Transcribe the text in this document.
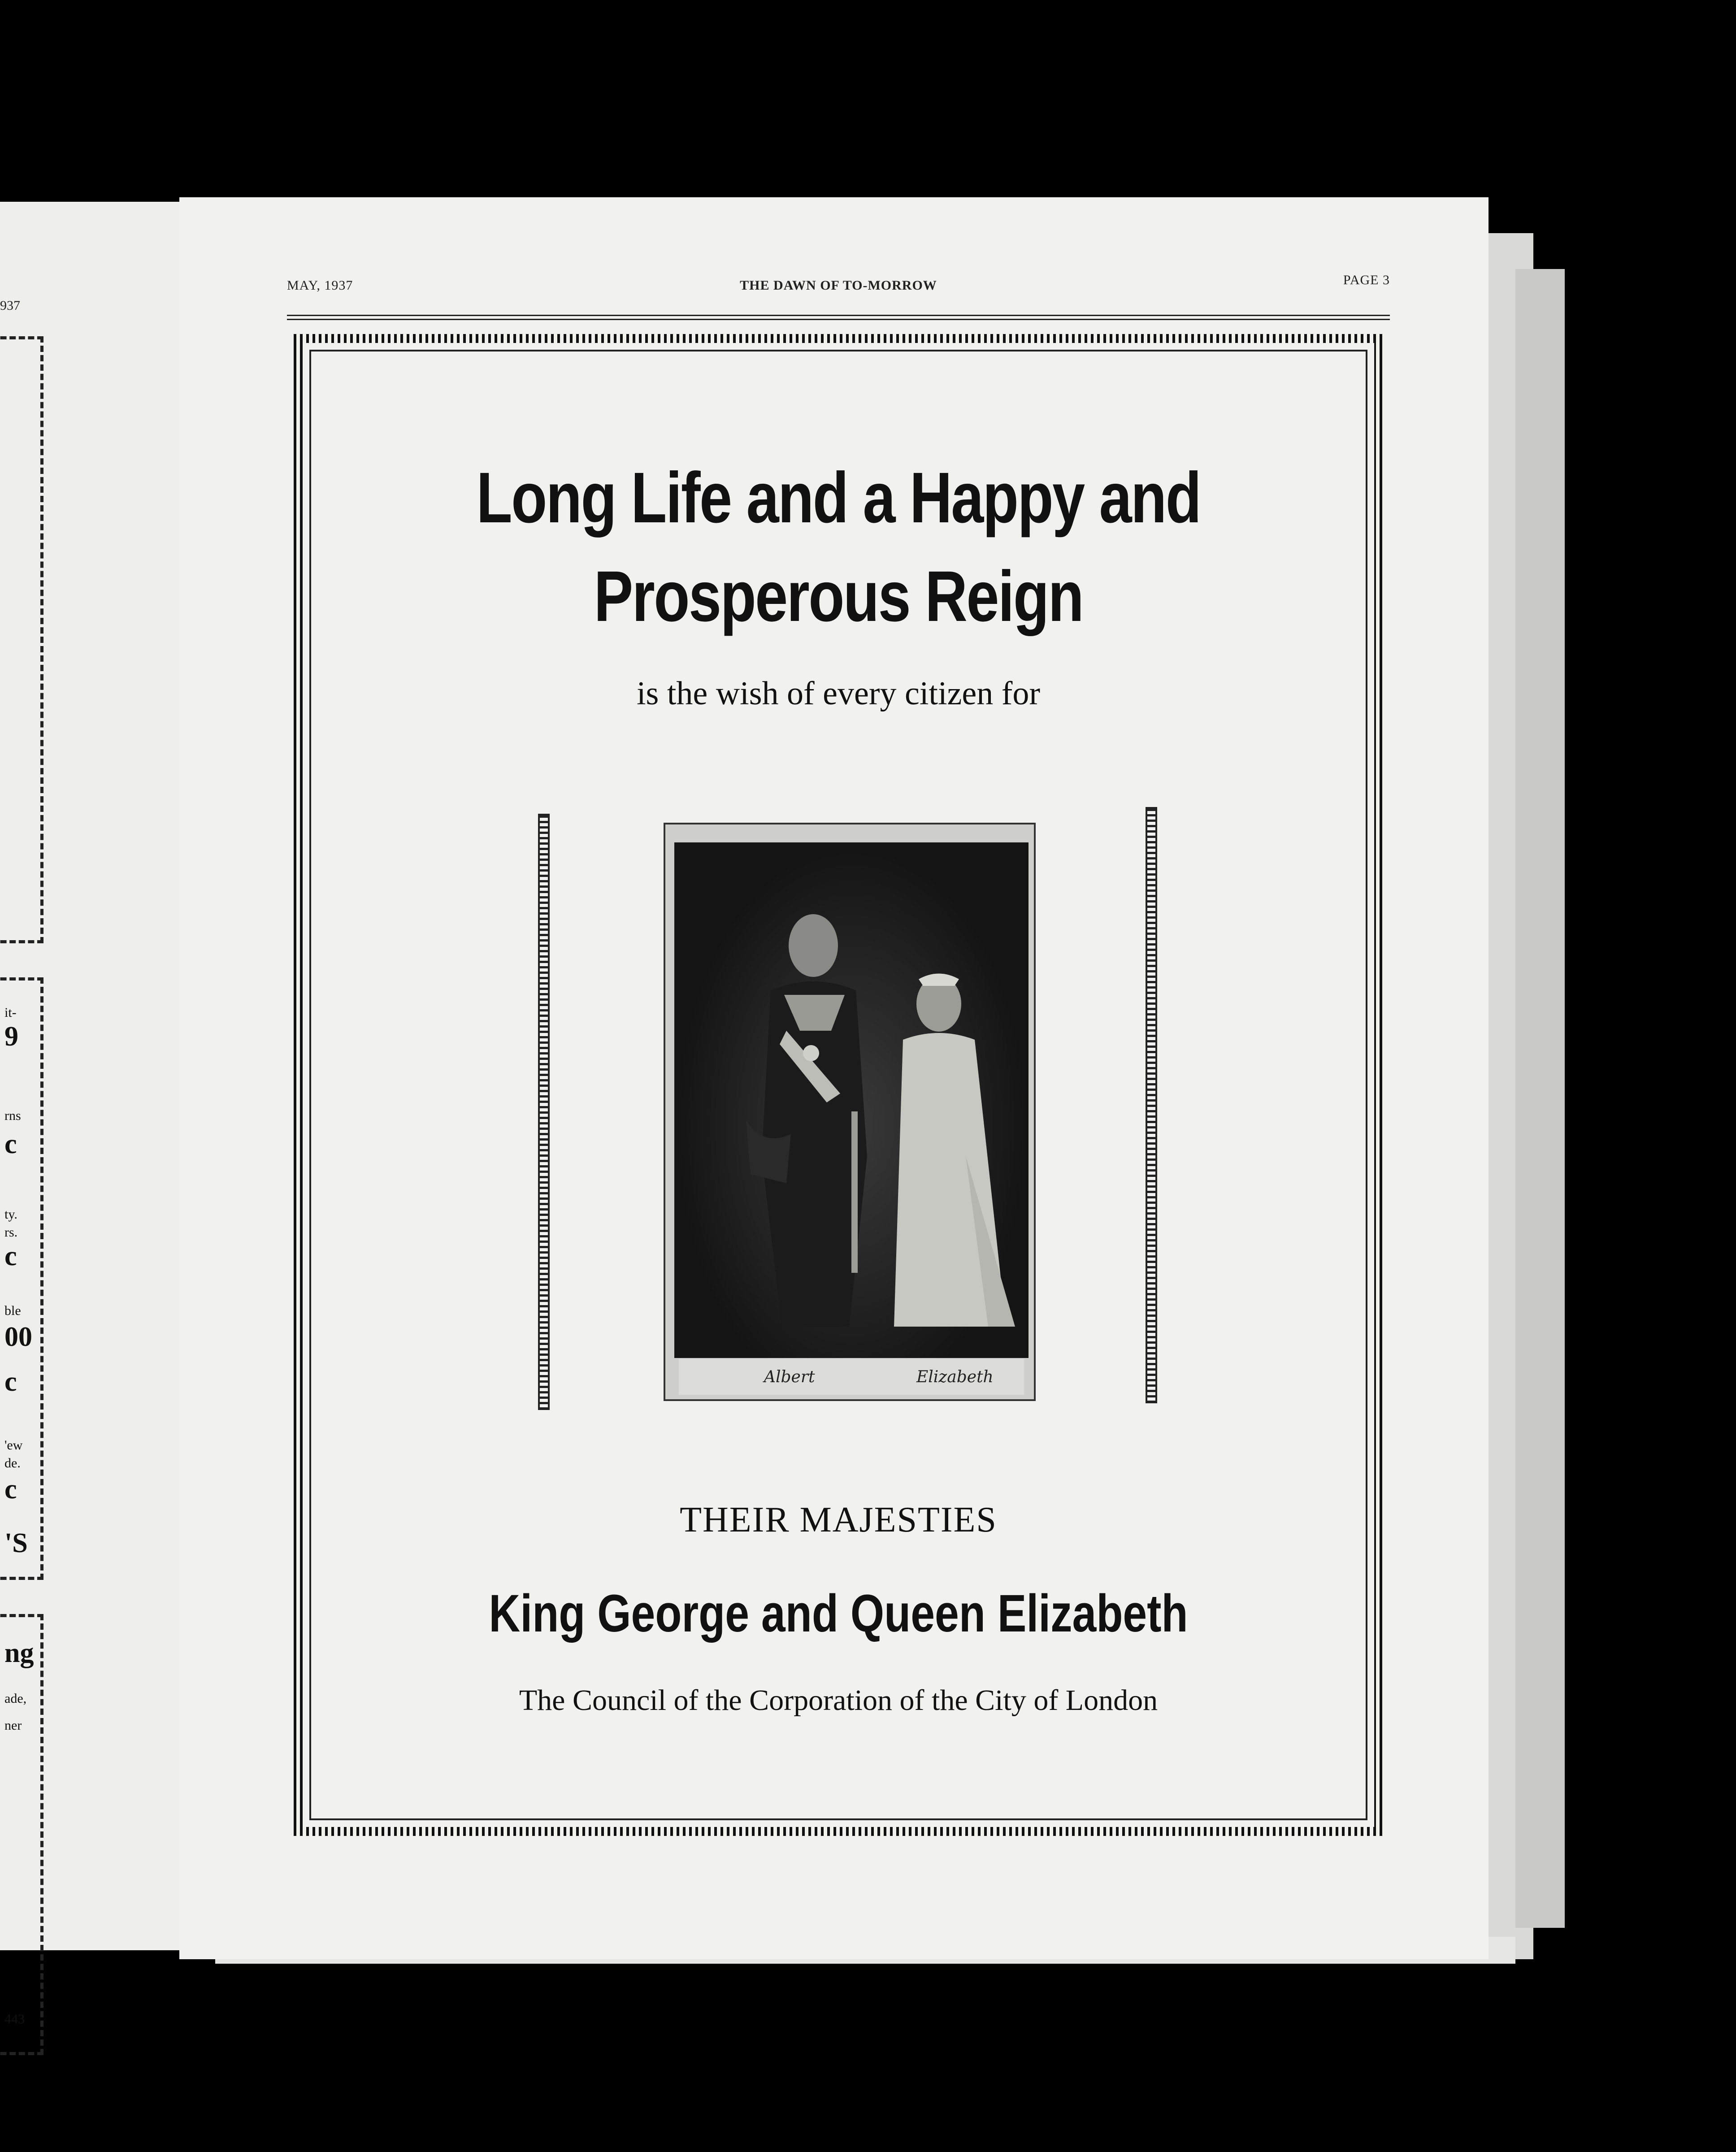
937
it-
9
rns
c
ty.
rs.
c
ble
00
c
'ew
de.
c
'S
ng
ade,
ner
443
MAY, 1937	THE DAWN OF TO-MORROW	PAGE 3
Long Life and a Happy and
Prosperous Reign
is the wish of every citizen for
Albert	Elizabeth
THEIR MAJESTIES
King George and Queen Elizabeth
The Council of the Corporation of the City of London
